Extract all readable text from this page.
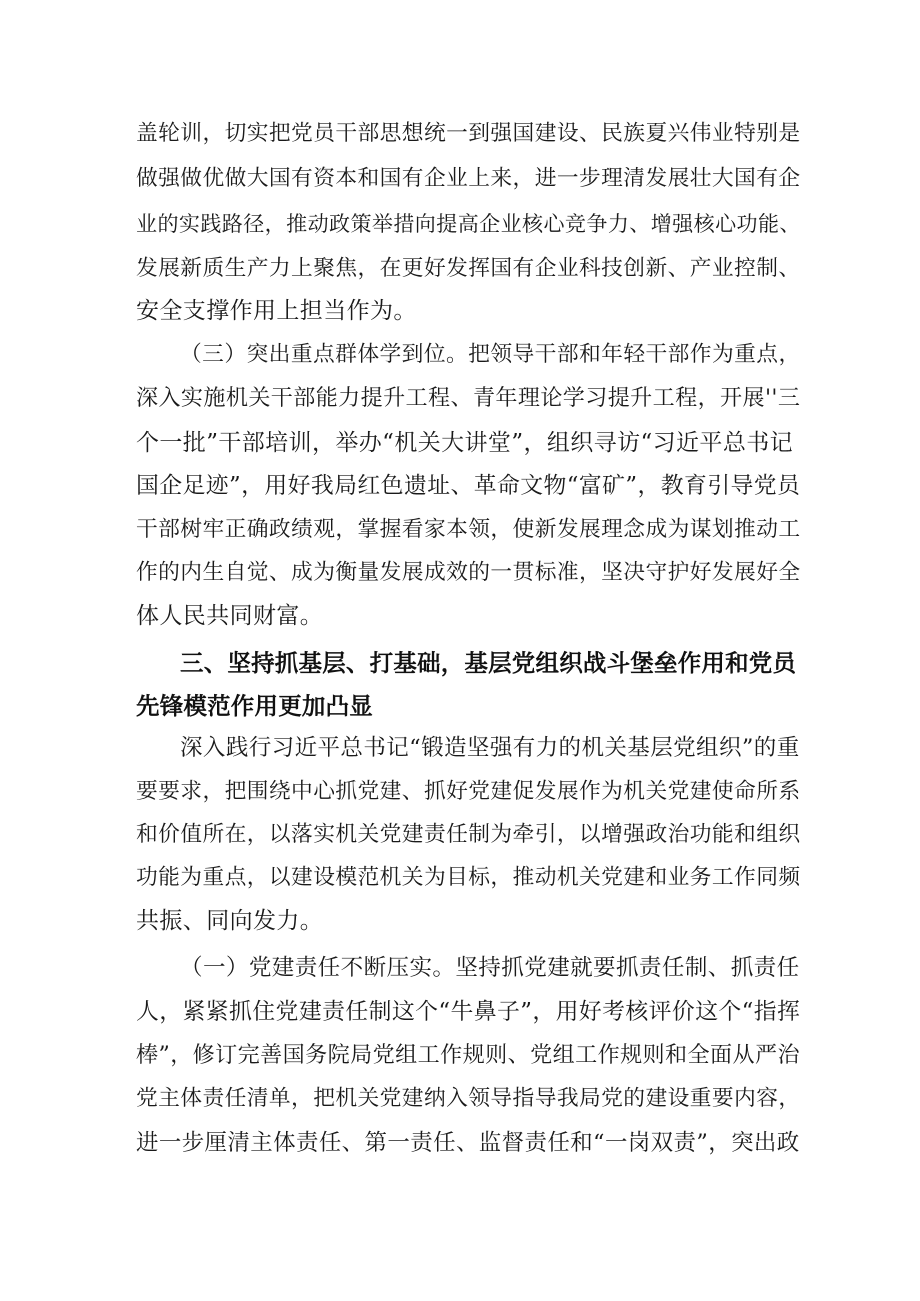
盖轮训，切实把党员干部思想统一到强国建设、民族夏兴伟业特别是
做强做优做大国有资本和国有企业上来，进一步理清发展壮大国有企
业的实践路径，推动政策举措向提高企业核心竞争力、增强核心功能、
发展新质生产力上聚焦，在更好发挥国有企业科技创新、产业控制、
安全支撑作用上担当作为。
（三）突出重点群体学到位。把领导干部和年轻干部作为重点，
深入实施机关干部能力提升工程、青年理论学习提升工程，开展''三
个一批”干部培训，举办“机关大讲堂”，组织寻访“习近平总书记
国企足迹”，用好我局红色遗址、革命文物“富矿”，教育引导党员
干部树牢正确政绩观，掌握看家本领，使新发展理念成为谋划推动工
作的内生自觉、成为衡量发展成效的一贯标准，坚决守护好发展好全
体人民共同财富。
三、坚持抓基层、打基础，基层党组织战斗堡垒作用和党员
先锋模范作用更加凸显
深入践行习近平总书记“锻造坚强有力的机关基层党组织”的重
要要求，把围绕中心抓党建、抓好党建促发展作为机关党建使命所系
和价值所在，以落实机关党建责任制为牵引，以增强政治功能和组织
功能为重点，以建设模范机关为目标，推动机关党建和业务工作同频
共振、同向发力。
（一）党建责任不断压实。坚持抓党建就要抓责任制、抓责任
人，紧紧抓住党建责任制这个“牛鼻子”，用好考核评价这个“指挥
棒”，修订完善国务院局党组工作规则、党组工作规则和全面从严治
党主体责任清单，把机关党建纳入领导指导我局党的建设重要内容，
进一步厘清主体责任、第一责任、监督责任和“一岗双责”，突出政
